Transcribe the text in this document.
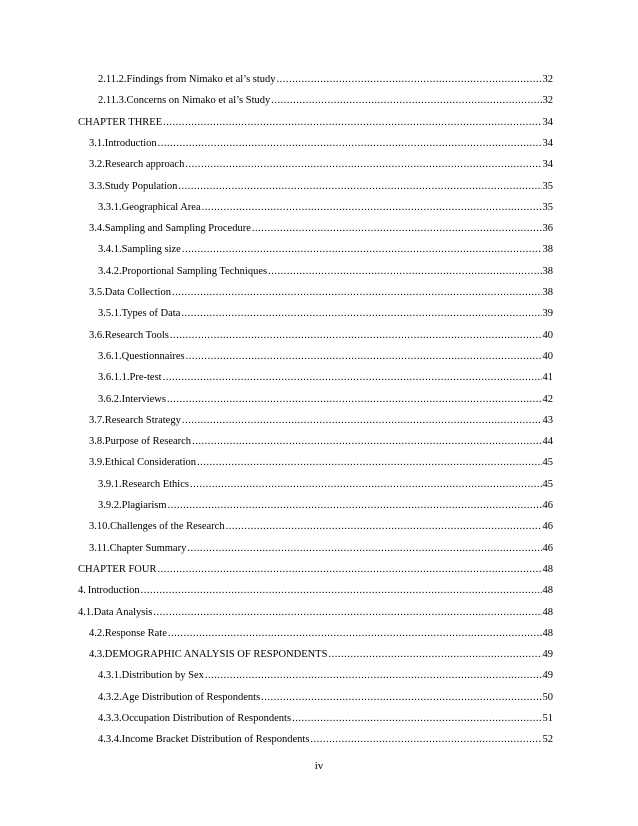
2.11.2. Findings from Nimako et al’s study .....	32
2.11.3. Concerns on Nimako et al’s Study .....	32
CHAPTER THREE .....	34
3.1. Introduction .....	34
3.2. Research approach .....	34
3.3. Study Population .....	35
3.3.1. Geographical Area .....	35
3.4. Sampling and Sampling Procedure .....	36
3.4.1. Sampling size .....	38
3.4.2. Proportional Sampling Techniques .....	38
3.5. Data Collection .....	38
3.5.1. Types of Data .....	39
3.6. Research Tools .....	40
3.6.1. Questionnaires .....	40
3.6.1.1. Pre-test .....	41
3.6.2. Interviews .....	42
3.7. Research Strategy .....	43
3.8. Purpose of Research .....	44
3.9. Ethical Consideration .....	45
3.9.1. Research Ethics .....	45
3.9.2. Plagiarism .....	46
3.10. Challenges of the Research .....	46
3.11. Chapter Summary .....	46
CHAPTER FOUR .....	48
4. Introduction .....	48
4.1. Data Analysis .....	48
4.2. Response Rate .....	48
4.3. DEMOGRAPHIC ANALYSIS OF RESPONDENTS .....	49
4.3.1. Distribution by Sex .....	49
4.3.2. Age Distribution of Respondents .....	50
4.3.3. Occupation Distribution of Respondents .....	51
4.3.4. Income Bracket Distribution of Respondents .....	52
iv
